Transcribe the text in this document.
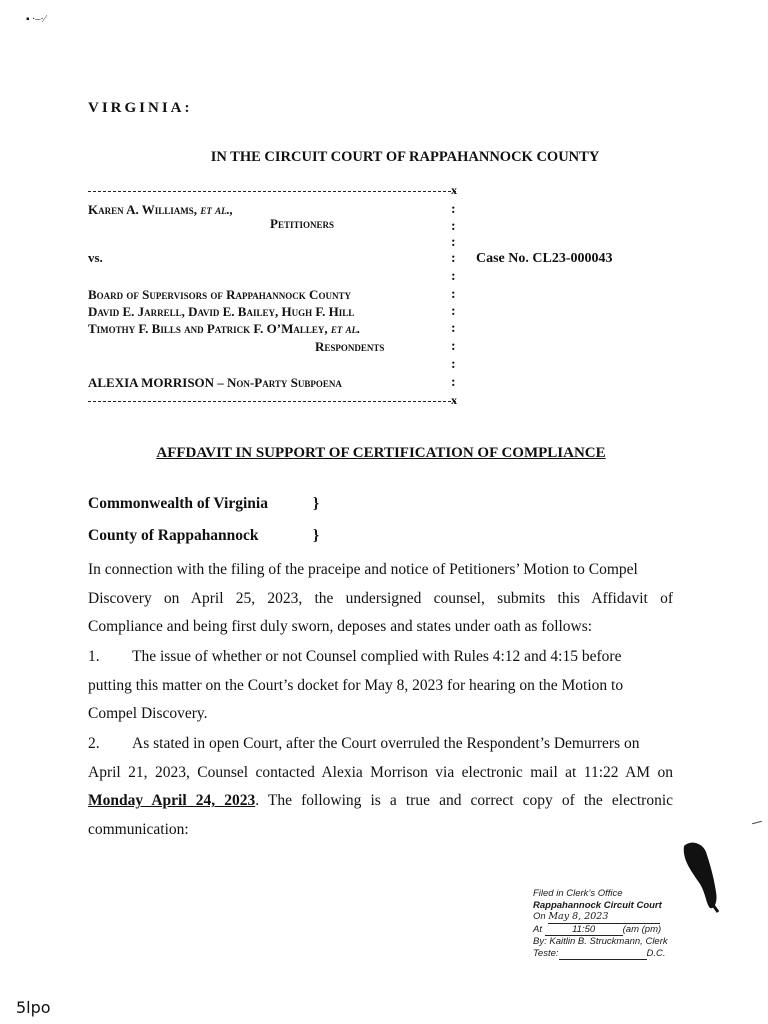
▪ ·–·⁄
VIRGINIA:
IN THE CIRCUIT COURT OF RAPPAHANNOCK COUNTY
x
Karen A. Williams, et al.,
Petitioners
vs.	Case No. CL23-000043
Board of Supervisors of Rappahannock County
David E. Jarrell, David E. Bailey, Hugh F. Hill
Timothy F. Bills and Patrick F. O’Malley, et al.
Respondents
ALEXIA MORRISON – Non-Party Subpoena
x
:
:
:
:
:
:
:
:
:
:
:
AFFDAVIT IN SUPPORT OF CERTIFICATION OF COMPLIANCE
Commonwealth of Virginia	}
County of Rappahannock	}
In connection with the filing of the praceipe and notice of Petitioners’ Motion to Compel
Discovery on April 25, 2023, the undersigned counsel, submits this Affidavit of
Compliance and being first duly sworn, deposes and states under oath as follows:
1. The issue of whether or not Counsel complied with Rules 4:12 and 4:15 before
putting this matter on the Court’s docket for May 8, 2023 for hearing on the Motion to
Compel Discovery.
2. As stated in open Court, after the Court overruled the Respondent’s Demurrers on
April 21, 2023, Counsel contacted Alexia Morrison via electronic mail at 11:22 AM on
Monday April 24, 2023. The following is a true and correct copy of the electronic
communication:
Filed in Clerk’s Office
Rappahannock Circuit Court
On May 8, 2023
At	11:50	(am (pm)
By: Kaitlin B. Struckmann, Clerk
Teste:	D.C.
5lpo
